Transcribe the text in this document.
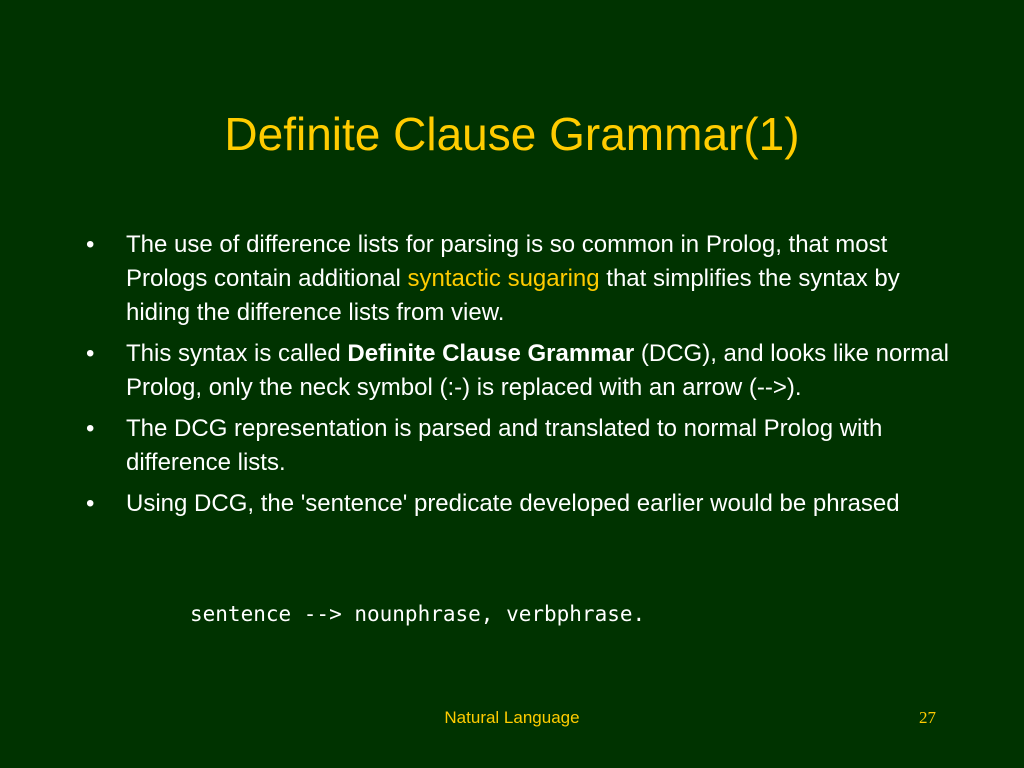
Definite Clause Grammar(1)
• The use of difference lists for parsing is so common in Prolog, that most Prologs contain additional syntactic sugaring that simplifies the syntax by hiding the difference lists from view.
• This syntax is called Definite Clause Grammar (DCG), and looks like normal Prolog, only the neck symbol (:-) is replaced with an arrow (-->).
• The DCG representation is parsed and translated to normal Prolog with difference lists.
• Using DCG, the 'sentence' predicate developed earlier would be phrased
sentence --> nounphrase, verbphrase.
Natural Language	27
